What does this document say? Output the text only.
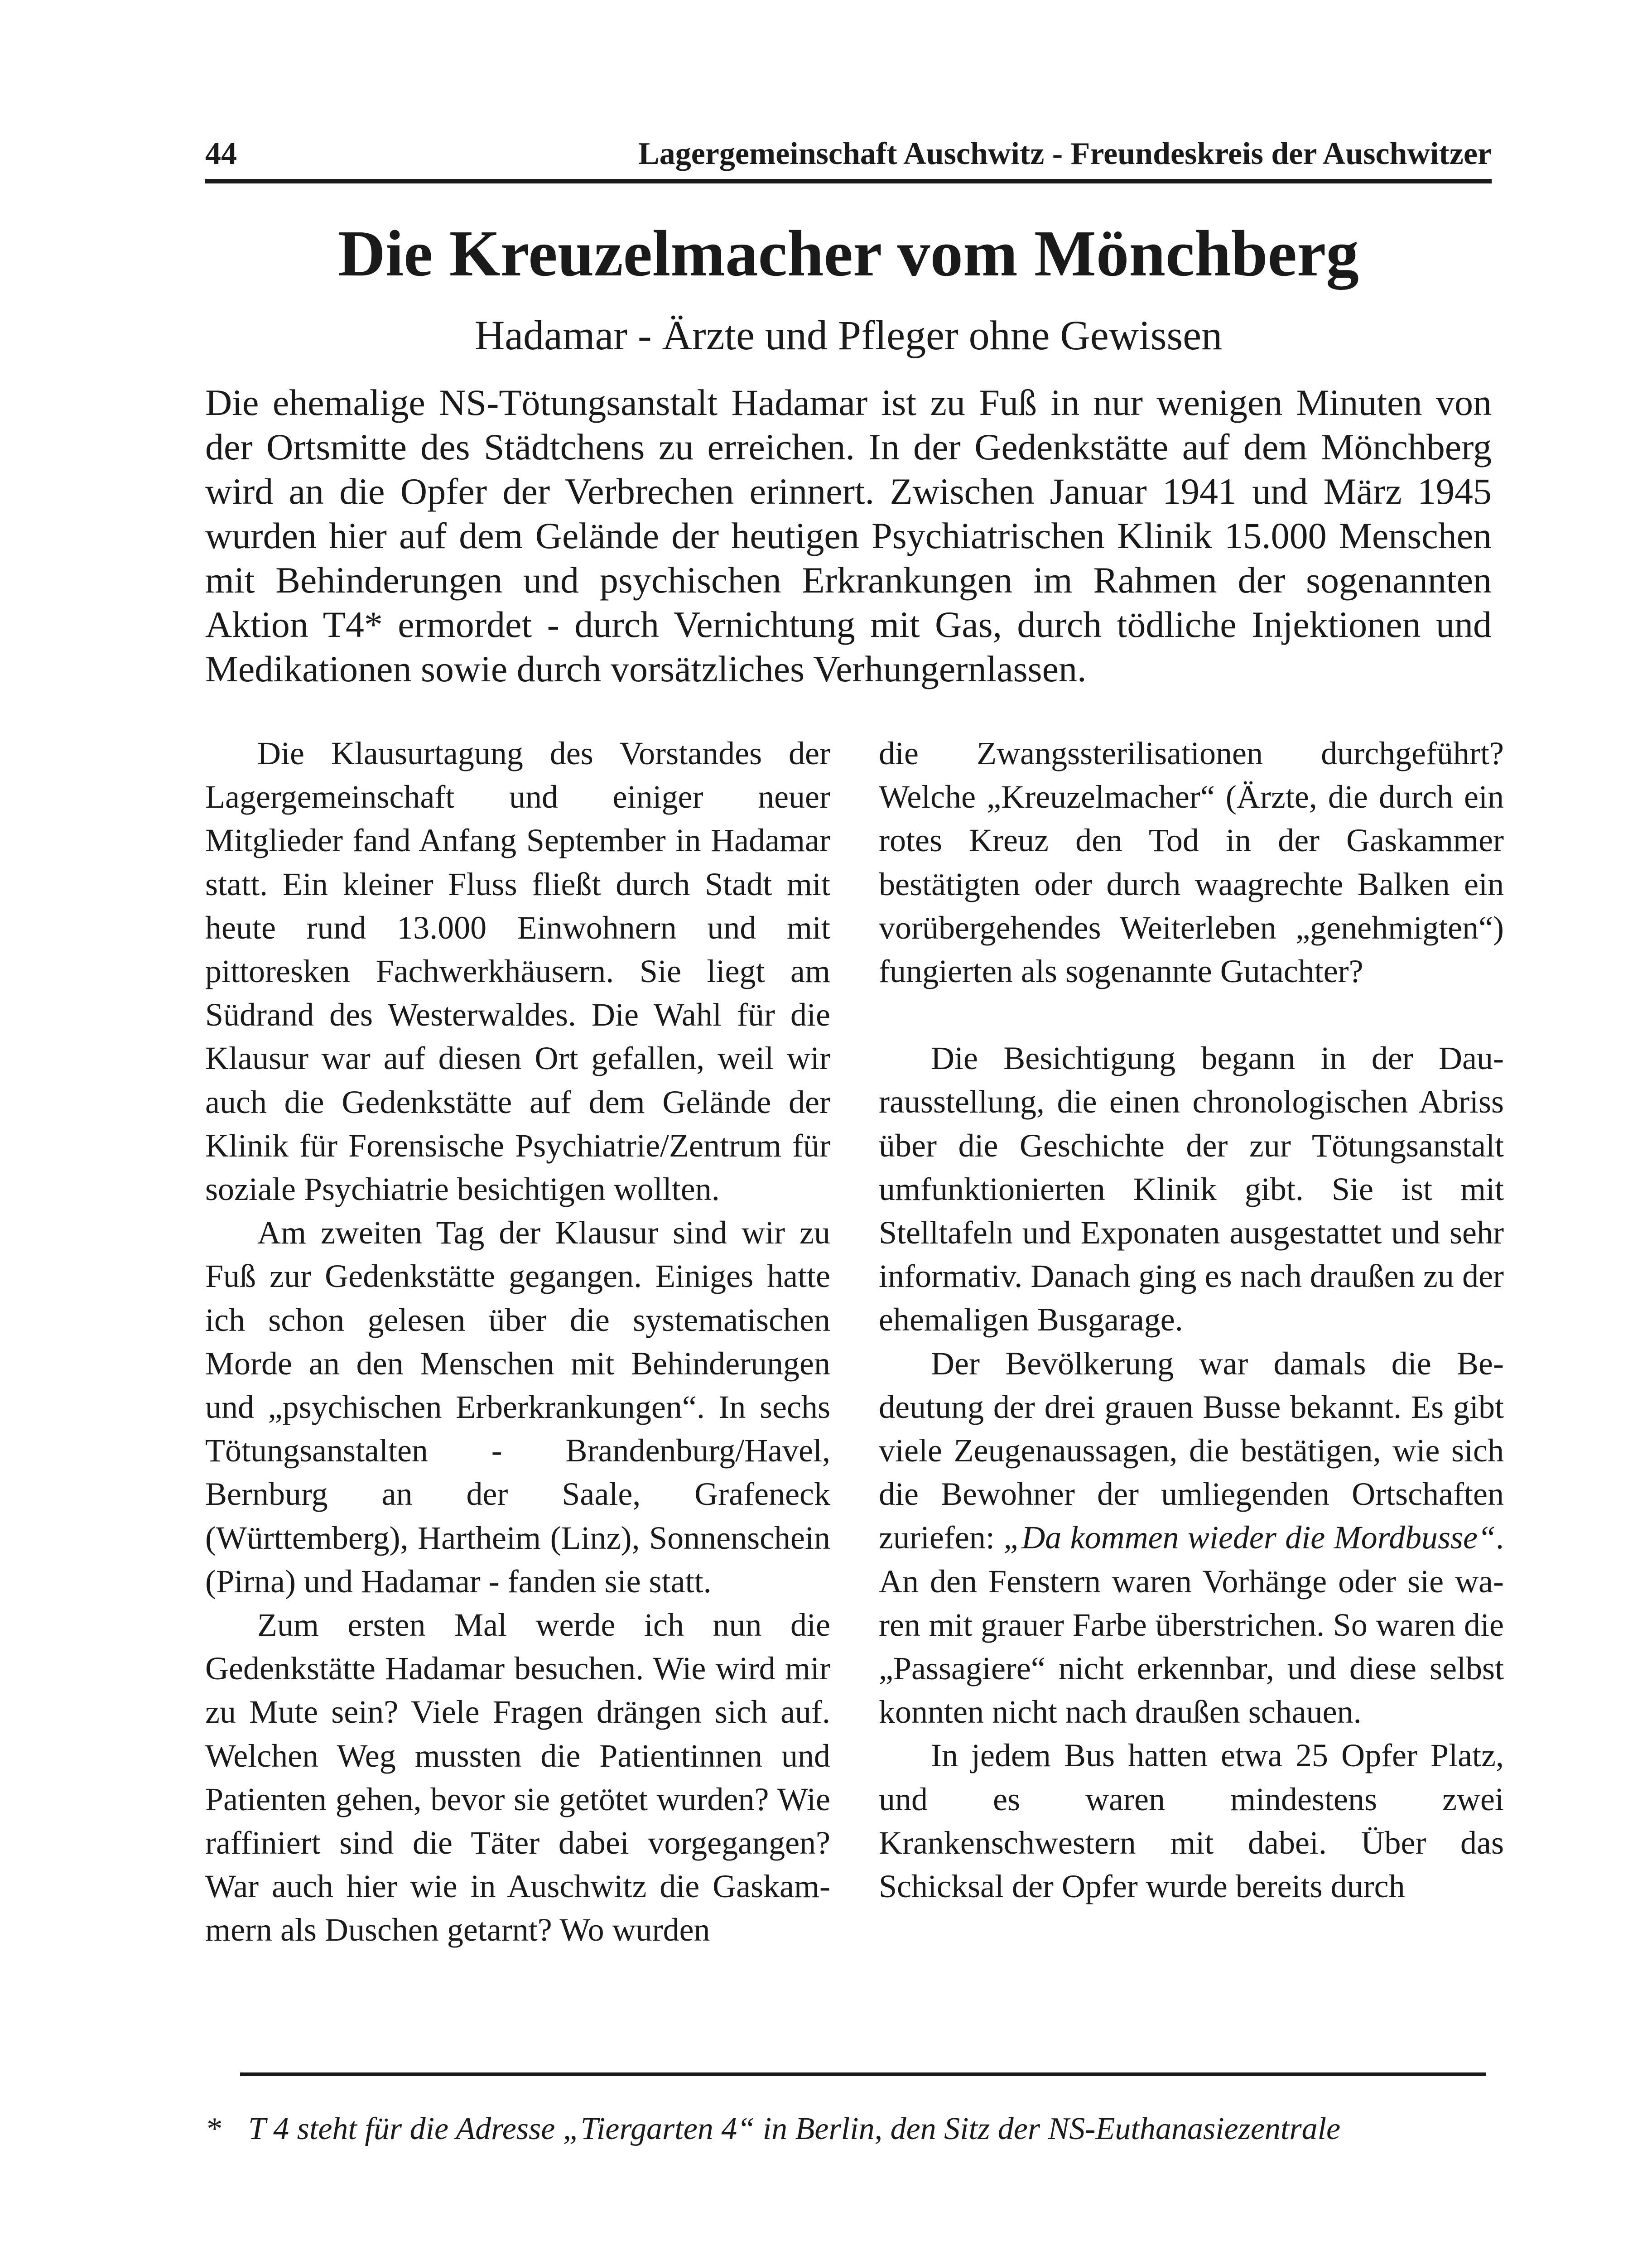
44	Lagergemeinschaft Auschwitz - Freundeskreis der Auschwitzer
Die Kreuzelmacher vom Mönchberg
Hadamar - Ärzte und Pfleger ohne Gewissen

Die ehemalige NS-Tötungsanstalt Hadamar ist zu Fuß in nur wenigen Minuten von der Ortsmitte des Städtchens zu erreichen. In der Gedenkstätte auf dem Mönchberg wird an die Opfer der Verbrechen erinnert. Zwischen Januar 1941 und März 1945 wurden hier auf dem Gelände der heutigen Psychiatrischen Klinik 15.000 Menschen mit Behinderungen und psychischen Erkrankungen im Rahmen der sogenannten Aktion T4* ermordet - durch Vernichtung mit Gas, durch tödliche Injektionen und Medikationen sowie durch vorsätzliches Verhungernlassen.

Die Klausurtagung des Vorstandes der Lagergemeinschaft und einiger neuer Mitglieder fand Anfang September in Hadamar statt. Ein kleiner Fluss fließt durch Stadt mit heute rund 13.000 Einwohnern und mit pittoresken Fachwerkhäusern. Sie liegt am Südrand des Westerwaldes. Die Wahl für die Klausur war auf diesen Ort gefallen, weil wir auch die Gedenkstätte auf dem Gelände der Klinik für Forensische Psychiatrie/Zentrum für soziale Psychiatrie besichtigen wollten.

Am zweiten Tag der Klausur sind wir zu Fuß zur Gedenkstätte gegangen. Einiges hatte ich schon gelesen über die systematischen Morde an den Menschen mit Behinderungen und „psychischen Erberkrankungen“. In sechs Tötungsanstalten - Brandenburg/Havel, Bernburg an der Saale, Grafeneck (Württemberg), Hartheim (Linz), Sonnenschein (Pirna) und Hadamar - fanden sie statt.

Zum ersten Mal werde ich nun die Gedenkstätte Hadamar besuchen. Wie wird mir zu Mute sein? Viele Fragen drängen sich auf. Welchen Weg mussten die Patientinnen und Patienten gehen, bevor sie getötet wurden? Wie raffiniert sind die Täter dabei vorgegangen? War auch hier wie in Auschwitz die Gaskammern als Duschen getarnt? Wo wurden

die Zwangssterilisationen durchgeführt? Welche „Kreuzelmacher“ (Ärzte, die durch ein rotes Kreuz den Tod in der Gaskammer bestätigten oder durch waagrechte Balken ein vorübergehendes Weiterleben „genehmigten“) fungierten als sogenannte Gutachter?

Die Besichtigung begann in der Daurausstellung, die einen chronologischen Abriss über die Geschichte der zur Tötungsanstalt umfunktionierten Klinik gibt. Sie ist mit Stelltafeln und Exponaten ausgestattet und sehr informativ. Danach ging es nach draußen zu der ehemaligen Busgarage.

Der Bevölkerung war damals die Bedeutung der drei grauen Busse bekannt. Es gibt viele Zeugenaussagen, die bestätigen, wie sich die Bewohner der umliegenden Ortschaften zuriefen: „Da kommen wieder die Mordbusse“. An den Fenstern waren Vorhänge oder sie waren mit grauer Farbe überstrichen. So waren die „Passagiere“ nicht erkennbar, und diese selbst konnten nicht nach draußen schauen.

In jedem Bus hatten etwa 25 Opfer Platz, und es waren mindestens zwei Krankenschwestern mit dabei. Über das Schicksal der Opfer wurde bereits durch

* T 4 steht für die Adresse „Tiergarten 4“ in Berlin, den Sitz der NS-Euthanasiezentrale
